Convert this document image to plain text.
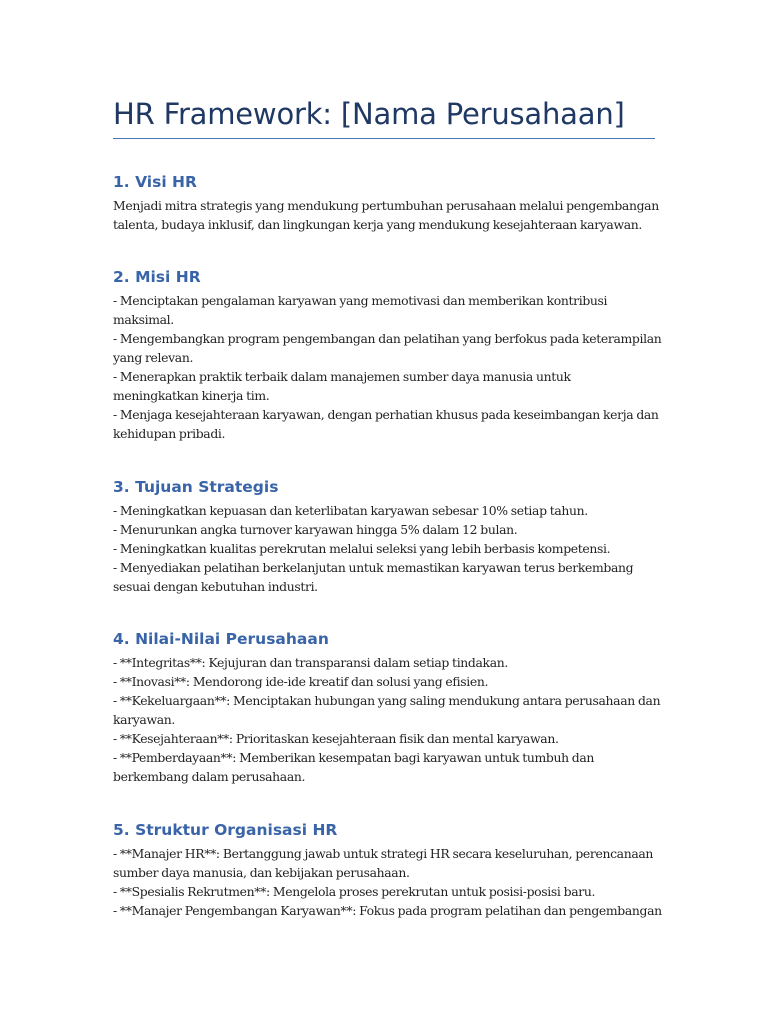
HR Framework: [Nama Perusahaan]
1. Visi HR
Menjadi mitra strategis yang mendukung pertumbuhan perusahaan melalui pengembangan
talenta, budaya inklusif, dan lingkungan kerja yang mendukung kesejahteraan karyawan.
2. Misi HR
- Menciptakan pengalaman karyawan yang memotivasi dan memberikan kontribusi
maksimal.
- Mengembangkan program pengembangan dan pelatihan yang berfokus pada keterampilan
yang relevan.
- Menerapkan praktik terbaik dalam manajemen sumber daya manusia untuk
meningkatkan kinerja tim.
- Menjaga kesejahteraan karyawan, dengan perhatian khusus pada keseimbangan kerja dan
kehidupan pribadi.
3. Tujuan Strategis
- Meningkatkan kepuasan dan keterlibatan karyawan sebesar 10% setiap tahun.
- Menurunkan angka turnover karyawan hingga 5% dalam 12 bulan.
- Meningkatkan kualitas perekrutan melalui seleksi yang lebih berbasis kompetensi.
- Menyediakan pelatihan berkelanjutan untuk memastikan karyawan terus berkembang
sesuai dengan kebutuhan industri.
4. Nilai-Nilai Perusahaan
- **Integritas**: Kejujuran dan transparansi dalam setiap tindakan.
- **Inovasi**: Mendorong ide-ide kreatif dan solusi yang efisien.
- **Kekeluargaan**: Menciptakan hubungan yang saling mendukung antara perusahaan dan
karyawan.
- **Kesejahteraan**: Prioritaskan kesejahteraan fisik dan mental karyawan.
- **Pemberdayaan**: Memberikan kesempatan bagi karyawan untuk tumbuh dan
berkembang dalam perusahaan.
5. Struktur Organisasi HR
- **Manajer HR**: Bertanggung jawab untuk strategi HR secara keseluruhan, perencanaan
sumber daya manusia, dan kebijakan perusahaan.
- **Spesialis Rekrutmen**: Mengelola proses perekrutan untuk posisi-posisi baru.
- **Manajer Pengembangan Karyawan**: Fokus pada program pelatihan dan pengembangan
